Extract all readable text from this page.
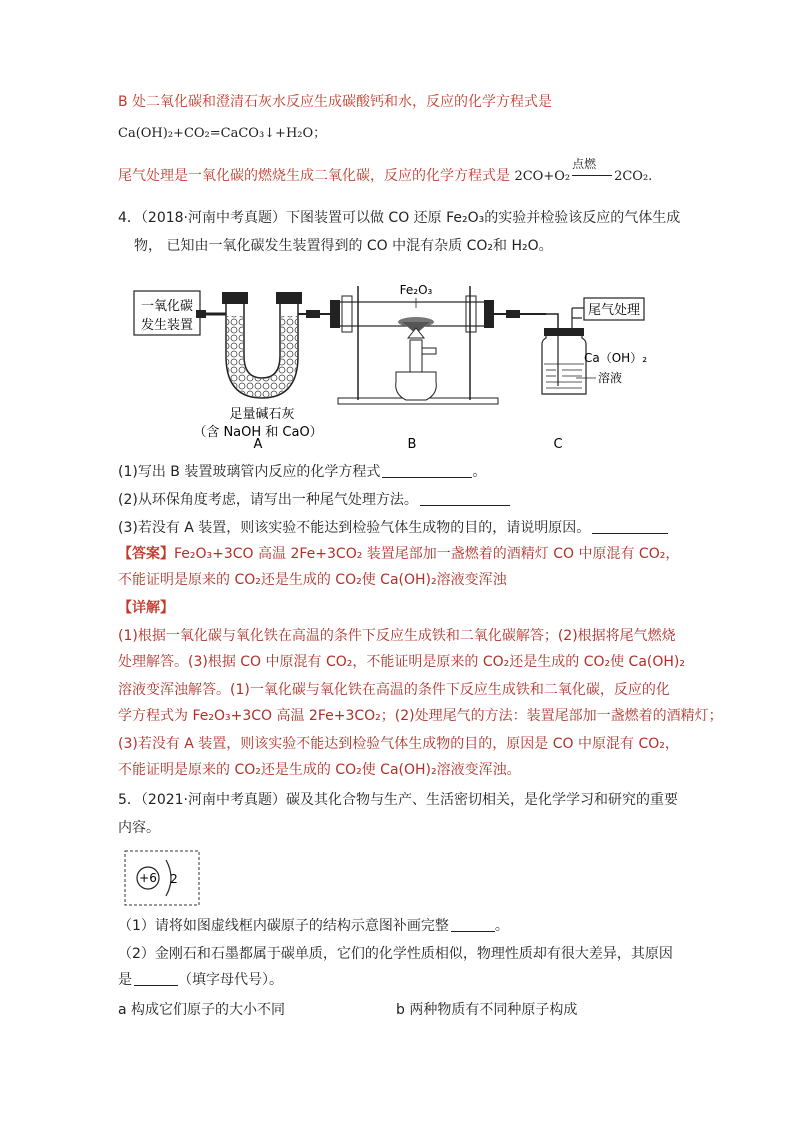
B 处二氧化碳和澄清石灰水反应生成碳酸钙和水，反应的化学方程式是
Ca(OH)₂+CO₂=CaCO₃↓+H₂O；
尾气处理是一氧化碳的燃烧生成二氧化碳，反应的化学方程式是 2CO+O₂
点燃
2CO₂.
4．（2018·河南中考真题）下图装置可以做 CO 还原 Fe₂O₃的实验并检验该反应的气体生成
物， 已知由一氧化碳发生装置得到的 CO 中混有杂质 CO₂和 H₂O。
一氧化碳
发生装置
足量碱石灰
（含 NaOH 和 CaO）
Fe₂O₃
尾气处理
Ca（OH）₂
溶液
A	B	C
(1)写出 B 装置玻璃管内反应的化学方程式	。
(2)从环保角度考虑，请写出一种尾气处理方法。
(3)若没有 A 装置，则该实验不能达到检验气体生成物的目的，请说明原因。
【答案】Fe₂O₃+3CO 高温 2Fe+3CO₂ 装置尾部加一盏燃着的酒精灯 CO 中原混有 CO₂，
不能证明是原来的 CO₂还是生成的 CO₂使 Ca(OH)₂溶液变浑浊
【详解】
(1)根据一氧化碳与氧化铁在高温的条件下反应生成铁和二氧化碳解答；(2)根据将尾气燃烧
处理解答。(3)根据 CO 中原混有 CO₂，不能证明是原来的 CO₂还是生成的 CO₂使 Ca(OH)₂
溶液变浑浊解答。(1)一氧化碳与氧化铁在高温的条件下反应生成铁和二氧化碳，反应的化
学方程式为 Fe₂O₃+3CO 高温 2Fe+3CO₂；(2)处理尾气的方法：装置尾部加一盏燃着的酒精灯；
(3)若没有 A 装置，则该实验不能达到检验气体生成物的目的，原因是 CO 中原混有 CO₂，
不能证明是原来的 CO₂还是生成的 CO₂使 Ca(OH)₂溶液变浑浊。
5．（2021·河南中考真题）碳及其化合物与生产、生活密切相关，是化学学习和研究的重要
内容。
+6 2
（1）请将如图虚线框内碳原子的结构示意图补画完整	。
（2）金刚石和石墨都属于碳单质，它们的化学性质相似，物理性质却有很大差异，其原因
是	（填字母代号）。
a 构成它们原子的大小不同	b 两种物质有不同种原子构成
